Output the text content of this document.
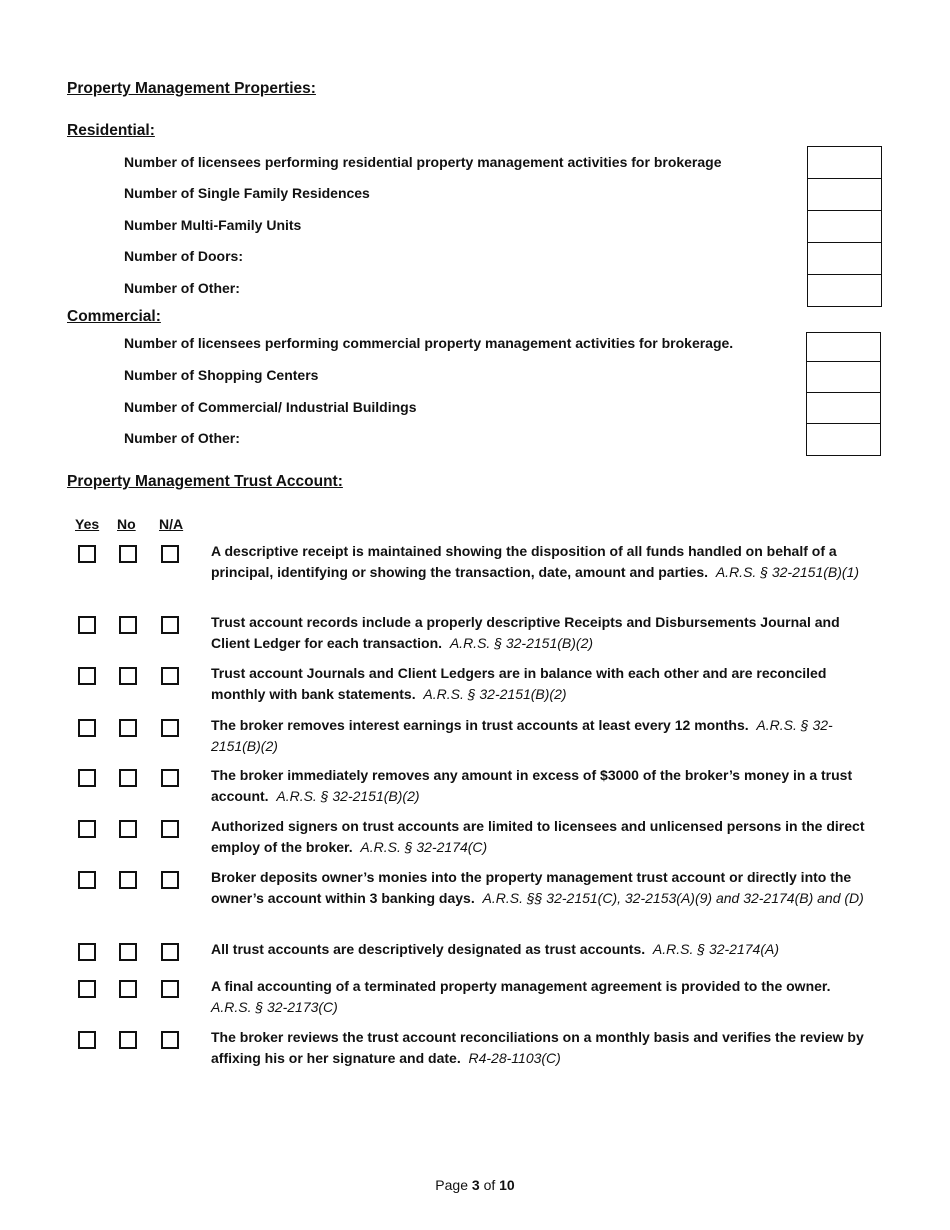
Property Management Properties:
Residential:
Number of licensees performing residential property management activities for brokerage
Number of Single Family Residences
Number Multi-Family Units
Number of Doors:
Number of Other:
Commercial:
Number of licensees performing commercial property management activities for brokerage.
Number of Shopping Centers
Number of Commercial/ Industrial Buildings
Number of Other:
Property Management Trust Account:
Yes No N/A
A descriptive receipt is maintained showing the disposition of all funds handled on behalf of a principal, identifying or showing the transaction, date, amount and parties. A.R.S. § 32-2151(B)(1)
Trust account records include a properly descriptive Receipts and Disbursements Journal and Client Ledger for each transaction. A.R.S. § 32-2151(B)(2)
Trust account Journals and Client Ledgers are in balance with each other and are reconciled monthly with bank statements. A.R.S. § 32-2151(B)(2)
The broker removes interest earnings in trust accounts at least every 12 months. A.R.S. § 32-2151(B)(2)
The broker immediately removes any amount in excess of $3000 of the broker’s money in a trust account. A.R.S. § 32-2151(B)(2)
Authorized signers on trust accounts are limited to licensees and unlicensed persons in the direct employ of the broker. A.R.S. § 32-2174(C)
Broker deposits owner’s monies into the property management trust account or directly into the owner’s account within 3 banking days. A.R.S. §§ 32-2151(C), 32-2153(A)(9) and 32-2174(B) and (D)
All trust accounts are descriptively designated as trust accounts. A.R.S. § 32-2174(A)
A final accounting of a terminated property management agreement is provided to the owner.  A.R.S. § 32-2173(C)
The broker reviews the trust account reconciliations on a monthly basis and verifies the review by affixing his or her signature and date. R4-28-1103(C)
Page 3 of 10
